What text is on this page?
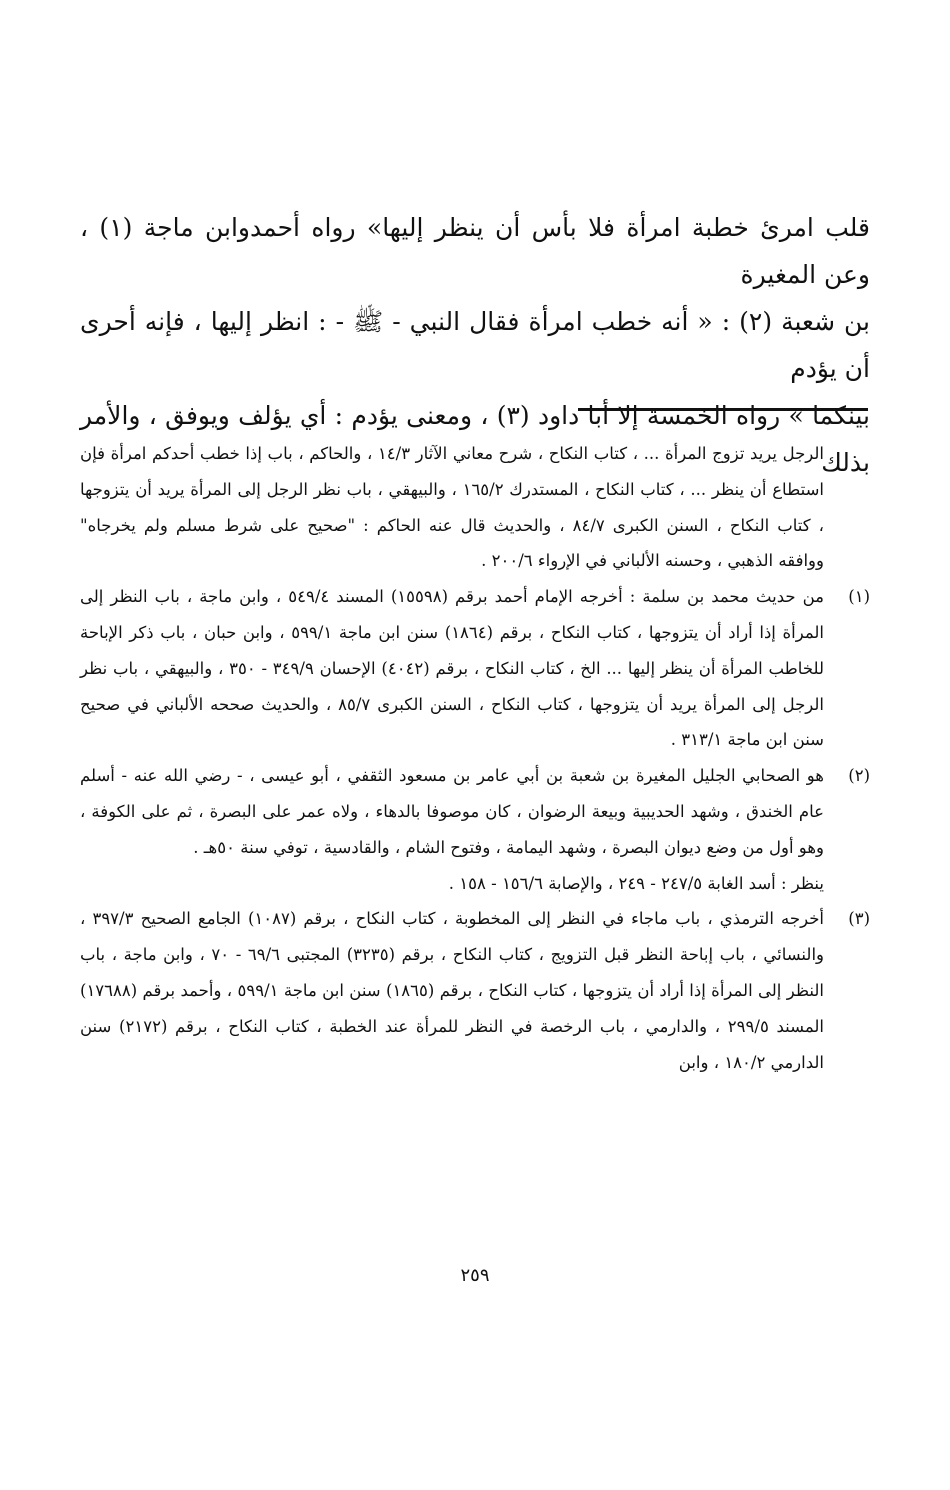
قلب امرئ خطبة امرأة فلا بأس أن ينظر إليها» رواه أحمدوابن ماجة (١) ، وعن المغيرة

بن شعبة (٢) : « أنه خطب امرأة فقال النبي - ﷺ - : انظر إليها ، فإنه أحرى أن يؤدم

بينكما » رواه الخمسة إلا أبا داود (٣) ، ومعنى يؤدم : أي يؤلف ويوفق ، والأمر بذلك

الرجل يريد تزوج المرأة ... ، كتاب النكاح ، شرح معاني الآثار ١٤/٣ ، والحاكم ، باب إذا خطب أحدكم امرأة فإن استطاع أن ينظر ... ، كتاب النكاح ، المستدرك ١٦٥/٢ ، والبيهقي ، باب نظر الرجل إلى المرأة يريد أن يتزوجها ، كتاب النكاح ، السنن الكبرى ٨٤/٧ ، والحديث قال عنه الحاكم : "صحيح على شرط مسلم ولم يخرجاه" ووافقه الذهبي ، وحسنه الألباني في الإرواء ٢٠٠/٦ .
(١)
من حديث محمد بن سلمة : أخرجه الإمام أحمد برقم (١٥٥٩٨) المسند ٥٤٩/٤ ، وابن ماجة ، باب النظر إلى المرأة إذا أراد أن يتزوجها ، كتاب النكاح ، برقم (١٨٦٤) سنن ابن ماجة ٥٩٩/١ ، وابن حبان ، باب ذكر الإباحة للخاطب المرأة أن ينظر إليها ... الخ ، كتاب النكاح ، برقم (٤٠٤٢) الإحسان ٣٤٩/٩ - ٣٥٠ ، والبيهقي ، باب نظر الرجل إلى المرأة يريد أن يتزوجها ، كتاب النكاح ، السنن الكبرى ٨٥/٧ ، والحديث صححه الألباني في صحيح سنن ابن ماجة ٣١٣/١ .
(٢)
هو الصحابي الجليل المغيرة بن شعبة بن أبي عامر بن مسعود الثقفي ، أبو عيسى ، - رضي الله عنه - أسلم عام الخندق ، وشهد الحديبية وبيعة الرضوان ، كان موصوفا بالدهاء ، ولاه عمر على البصرة ، ثم على الكوفة ، وهو أول من وضع ديوان البصرة ، وشهد اليمامة ، وفتوح الشام ، والقادسية ، توفي سنة ٥٠هـ .
ينظر : أسد الغابة ٢٤٧/٥ - ٢٤٩ ، والإصابة ١٥٦/٦ - ١٥٨ .
(٣)
أخرجه الترمذي ، باب ماجاء في النظر إلى المخطوبة ، كتاب النكاح ، برقم (١٠٨٧) الجامع الصحيح ٣٩٧/٣ ، والنسائي ، باب إباحة النظر قبل التزويج ، كتاب النكاح ، برقم (٣٢٣٥) المجتبى ٦٩/٦ - ٧٠ ، وابن ماجة ، باب النظر إلى المرأة إذا أراد أن يتزوجها ، كتاب النكاح ، برقم (١٨٦٥) سنن ابن ماجة ٥٩٩/١ ، وأحمد برقم (١٧٦٨٨) المسند ٢٩٩/٥ ، والدارمي ، باب الرخصة في النظر للمرأة عند الخطبة ، كتاب النكاح ، برقم (٢١٧٢) سنن الدارمي ١٨٠/٢ ، وابن
٢٥٩
